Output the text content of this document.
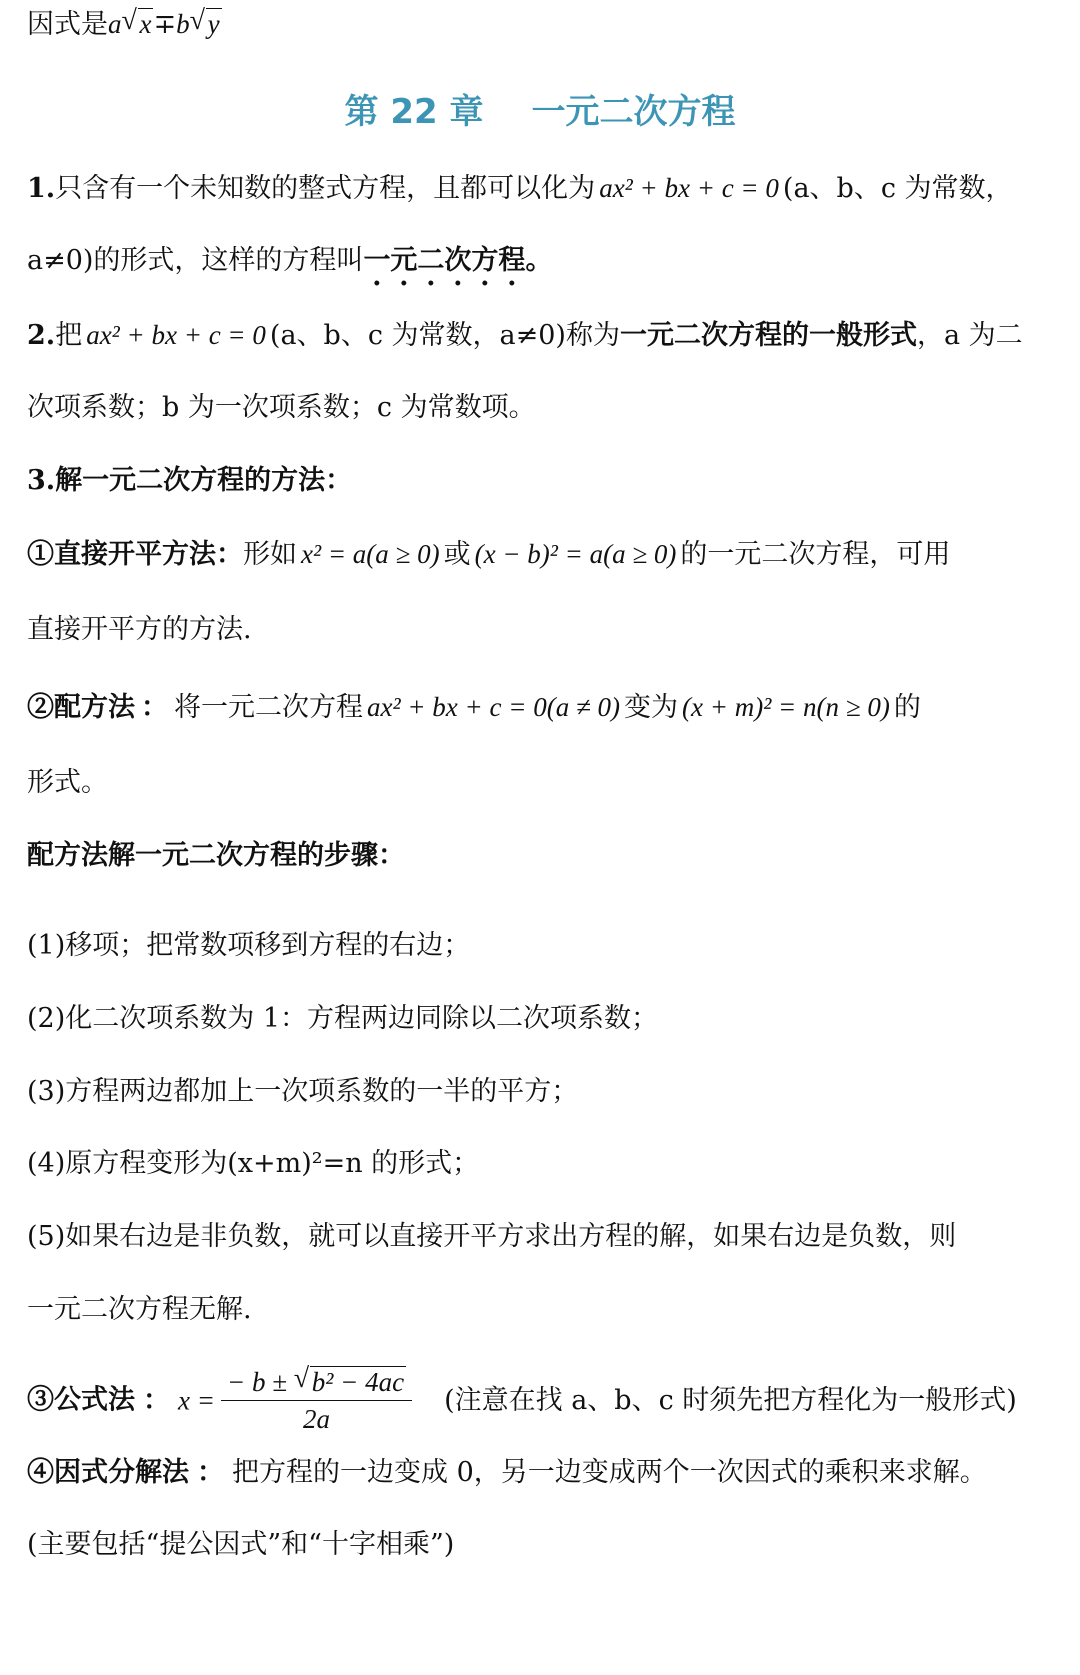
因式是a √ x∓b √ y
第 22 章 一元二次方程
1.只含有一个未知数的整式方程，且都可以化为 ax² + bx + c = 0 (a、b、c 为常数，
a≠0)的形式，这样的方程叫一元二次方程。
2.把 ax² + bx + c = 0 (a、b、c 为常数，a≠0)称为一元二次方程的一般形式，a 为二
次项系数；b 为一次项系数；c 为常数项。
3.解一元二次方程的方法：
①直接开平方法：形如 x² = a(a ≥ 0) 或 (x − b)² = a(a ≥ 0) 的一元二次方程，可用
直接开平方的方法.
②配方法 ： 将一元二次方程 ax² + bx + c = 0(a ≠ 0) 变为 (x + m)² = n(n ≥ 0) 的
形式。
配方法解一元二次方程的步骤：
(1)移项；把常数项移到方程的右边；
(2)化二次项系数为 1：方程两边同除以二次项系数；
(3)方程两边都加上一次项系数的一半的平方；
(4)原方程变形为(x+m)²=n 的形式；
(5)如果右边是非负数，就可以直接开平方求出方程的解，如果右边是负数，则
一元二次方程无解.
③公式法 ： $x = \frac{\text{− b ± √ b² − 4ac}}{2a}$ (注意在找 a、b、c 时须先把方程化为一般形式)
④因式分解法 ： 把方程的一边变成 0，另一边变成两个一次因式的乘积来求解。
(主要包括“提公因式”和“十字相乘”)
